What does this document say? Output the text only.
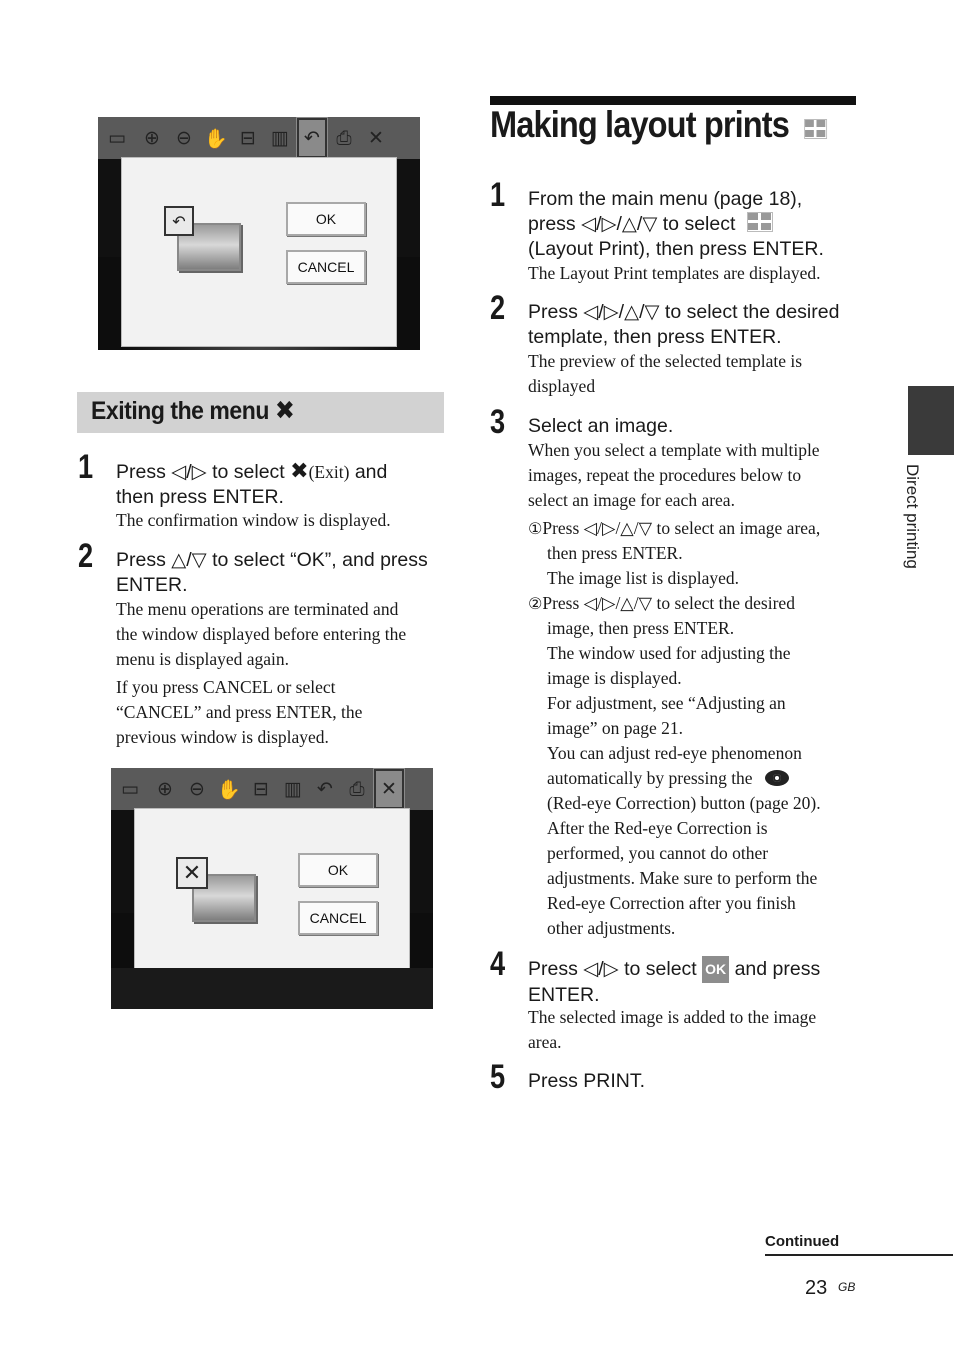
▭ ⊕ ⊖ ✋ ⊟ ▥ ↶ ⎙ ✕
↶	OK
CANCEL
Exiting the menu ✖
1 Press ◁/▷ to select ✖(Exit) and
then press ENTER.
The confirmation window is displayed.
2 Press △/▽ to select “OK”, and press
ENTER.
The menu operations are terminated and
the window displayed before entering the
menu is displayed again.
If you press CANCEL or select
“CANCEL” and press ENTER, the
previous window is displayed.
▭ ⊕ ⊖ ✋ ⊟ ▥ ↶ ⎙ ✕
✕	OK
CANCEL
Making layout prints
1 From the main menu (page 18),
press ◁/▷/△/▽ to select
(Layout Print), then press ENTER.
The Layout Print templates are displayed.
2 Press ◁/▷/△/▽ to select the desired
template, then press ENTER.
The preview of the selected template is
displayed
3 Select an image.
When you select a template with multiple
images, repeat the procedures below to
select an image for each area.
①Press ◁/▷/△/▽ to select an image area,
then press ENTER.
The image list is displayed.
②Press ◁/▷/△/▽ to select the desired
image, then press ENTER.
The window used for adjusting the
image is displayed.
For adjustment, see “Adjusting an
image” on page 21.
You can adjust red-eye phenomenon
automatically by pressing the
(Red-eye Correction) button (page 20).
After the Red-eye Correction is
performed, you cannot do other
adjustments. Make sure to perform the
Red-eye Correction after you finish
other adjustments.
4 Press ◁/▷ to select OK and press
ENTER.
The selected image is added to the image
area.
5 Press PRINT.
Direct printing
Continued
23 GB
